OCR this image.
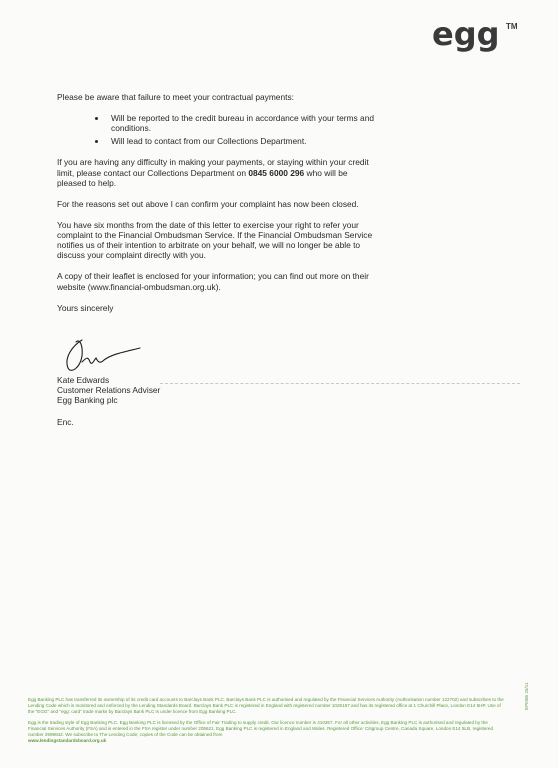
egg TM

Please be aware that failure to meet your contractual payments:

• Will be reported to the credit bureau in accordance with your terms and conditions.
• Will lead to contact from our Collections Department.

If you are having any difficulty in making your payments, or staying within your credit limit, please contact our Collections Department on 0845 6000 296 who will be pleased to help.

For the reasons set out above I can confirm your complaint has now been closed.

You have six months from the date of this letter to exercise your right to refer your complaint to the Financial Ombudsman Service. If the Financial Ombudsman Service notifies us of their intention to arbitrate on your behalf, we will no longer be able to discuss your complaint directly with you.

A copy of their leaflet is enclosed for your information; you can find out more on their website (www.financial-ombudsman.org.uk).

Yours sincerely

Kate Edwards
Customer Relations Adviser
Egg Banking plc
Enc.

Egg Banking PLC has transferred its ownership of its credit card accounts to Barclays Bank PLC. Barclays Bank PLC is authorised and regulated by the Financial Services Authority (Authorisation number 122702) and subscribes to the Lending Code which is monitored and enforced by the Lending Standards Board. Barclays Bank PLC is registered in England with registered number 1026167 and has its registered office at 1 Churchill Place, London E14 5HP. Use of the "EGG" and "egg: card" trade marks by Barclays Bank PLC is under licence from Egg Banking PLC.

Egg is the trading style of Egg Banking PLC. Egg Banking PLC is licensed by the Office of Fair Trading to supply credit. Our licence number is 410357. For all other activities, Egg Banking PLC is authorised and regulated by the Financial Services Authority (FSA) and is entered in the FSA register under number 205621. Egg Banking PLC is registered in England and Wales. Registered Office: Citigroup Centre, Canada Square, London E14 5LB, registered number 2999842. We subscribe to The Lending Code; copies of the Code can be obtained from
www.lendingstandardsboard.org.uk

EPI086 20/11
